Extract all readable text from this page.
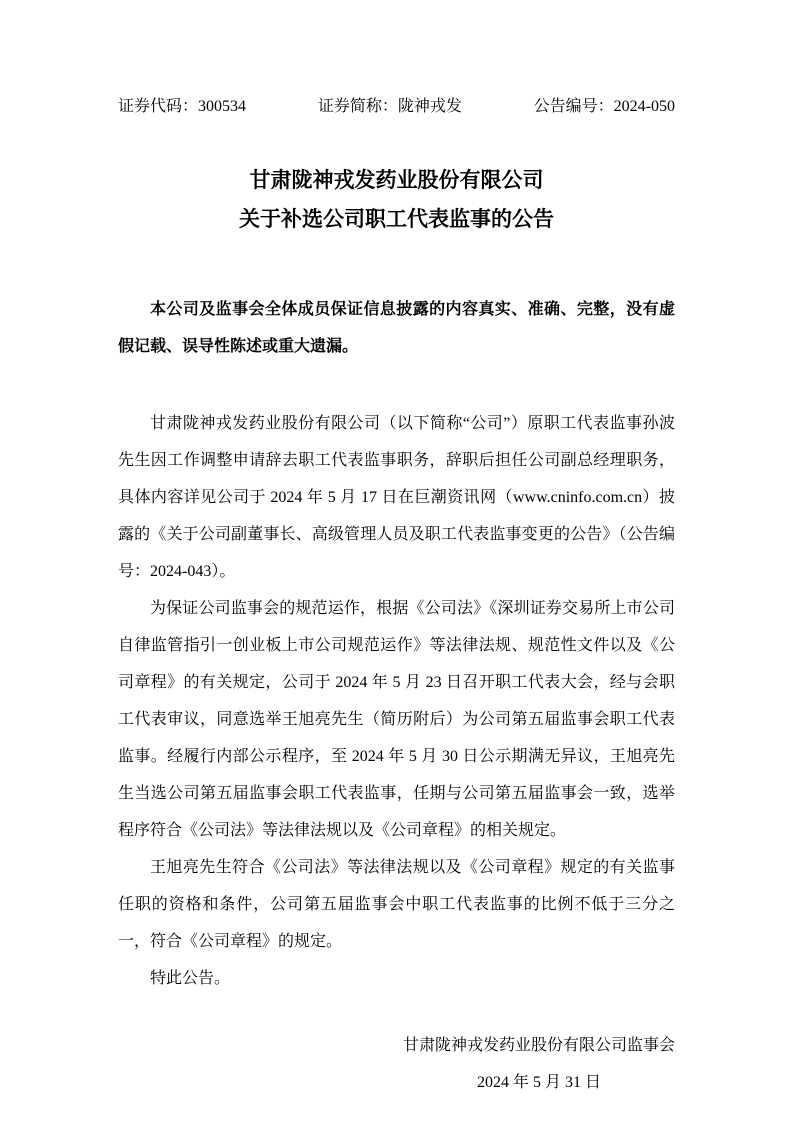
证券代码：300534	证券简称：陇神戎发	公告编号：2024-050
甘肃陇神戎发药业股份有限公司
关于补选公司职工代表监事的公告

本公司及监事会全体成员保证信息披露的内容真实、准确、完整，没有虚假记载、误导性陈述或重大遗漏。

甘肃陇神戎发药业股份有限公司（以下简称“公司”）原职工代表监事孙波先生因工作调整申请辞去职工代表监事职务，辞职后担任公司副总经理职务，具体内容详见公司于 2024 年 5 月 17 日在巨潮资讯网（www.cninfo.com.cn）披露的《关于公司副董事长、高级管理人员及职工代表监事变更的公告》（公告编号：2024-043）。

为保证公司监事会的规范运作，根据《公司法》《深圳证券交易所上市公司自律监管指引一创业板上市公司规范运作》等法律法规、规范性文件以及《公司章程》的有关规定，公司于 2024 年 5 月 23 日召开职工代表大会，经与会职工代表审议，同意选举王旭亮先生（简历附后）为公司第五届监事会职工代表监事。经履行内部公示程序，至 2024 年 5 月 30 日公示期满无异议，王旭亮先生当选公司第五届监事会职工代表监事，任期与公司第五届监事会一致，选举程序符合《公司法》等法律法规以及《公司章程》的相关规定。

王旭亮先生符合《公司法》等法律法规以及《公司章程》规定的有关监事任职的资格和条件，公司第五届监事会中职工代表监事的比例不低于三分之一，符合《公司章程》的规定。

特此公告。

甘肃陇神戎发药业股份有限公司监事会
2024 年 5 月 31 日
